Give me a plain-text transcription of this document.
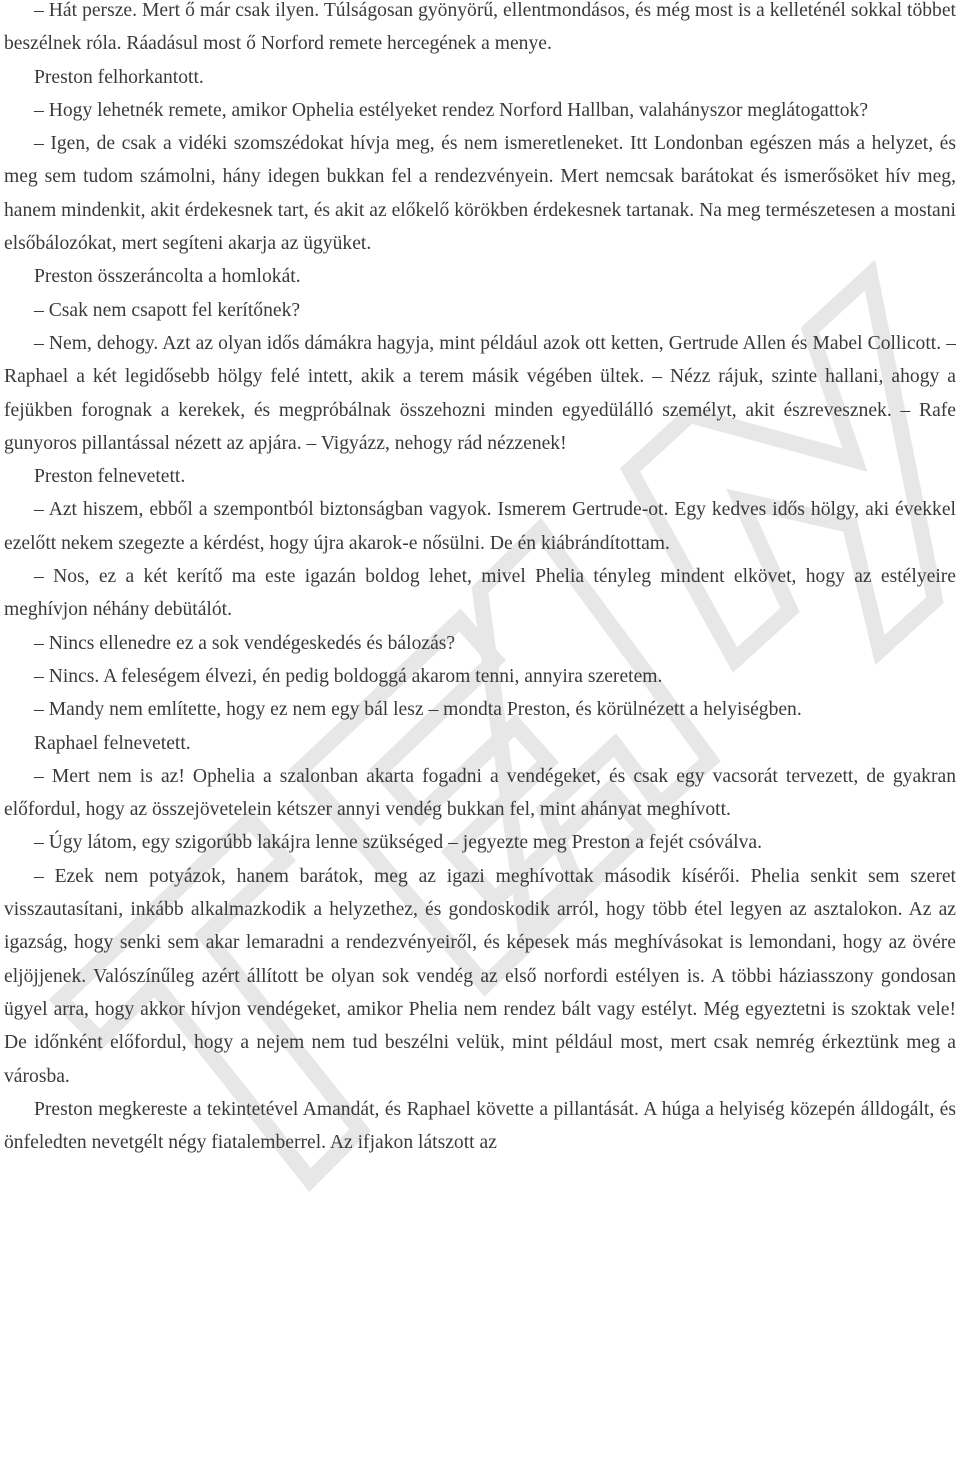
– Hát persze. Mert ő már csak ilyen. Túlságosan gyönyörű, ellentmondásos, és még most is a kelleténél sokkal többet beszélnek róla. Ráadásul most ő Norford remete hercegének a menye.

Preston felhorkantott.

– Hogy lehetnék remete, amikor Ophelia estélyeket rendez Norford Hallban, valahányszor meglátogattok?

– Igen, de csak a vidéki szomszédokat hívja meg, és nem ismeretleneket. Itt Londonban egészen más a helyzet, és meg sem tudom számolni, hány idegen bukkan fel a rendezvényein. Mert nemcsak barátokat és ismerősöket hív meg, hanem mindenkit, akit érdekesnek tart, és akit az előkelő körökben érdekesnek tartanak. Na meg természetesen a mostani elsőbálozókat, mert segíteni akarja az ügyüket.

Preston összeráncolta a homlokát.

– Csak nem csapott fel kerítőnek?

– Nem, dehogy. Azt az olyan idős dámákra hagyja, mint például azok ott ketten, Gertrude Allen és Mabel Collicott. – Raphael a két legidősebb hölgy felé intett, akik a terem másik végében ültek. – Nézz rájuk, szinte hallani, ahogy a fejükben forognak a kerekek, és megpróbálnak összehozni minden egyedülálló személyt, akit észrevesznek. – Rafe gunyoros pillantással nézett az apjára. – Vigyázz, nehogy rád nézzenek!

Preston felnevetett.

– Azt hiszem, ebből a szempontból biztonságban vagyok. Ismerem Gertrude-ot. Egy kedves idős hölgy, aki évekkel ezelőtt nekem szegezte a kérdést, hogy újra akarok-e nősülni. De én kiábrándítottam.

– Nos, ez a két kerítő ma este igazán boldog lehet, mivel Phelia tényleg mindent elkövet, hogy az estélyeire meghívjon néhány debütálót.

– Nincs ellenedre ez a sok vendégeskedés és bálozás?

– Nincs. A feleségem élvezi, én pedig boldoggá akarom tenni, annyira szeretem.

– Mandy nem említette, hogy ez nem egy bál lesz – mondta Preston, és körülnézett a helyiségben.

Raphael felnevetett.

– Mert nem is az! Ophelia a szalonban akarta fogadni a vendégeket, és csak egy vacsorát tervezett, de gyakran előfordul, hogy az összejövetelein kétszer annyi vendég bukkan fel, mint ahányat meghívott.

– Úgy látom, egy szigorúbb lakájra lenne szükséged – jegyezte meg Preston a fejét csóválva.

– Ezek nem potyázok, hanem barátok, meg az igazi meghívottak második kísérői. Phelia senkit sem szeret visszautasítani, inkább alkalmazkodik a helyzethez, és gondoskodik arról, hogy több étel legyen az asztalokon. Az az igazság, hogy senki sem akar lemaradni a rendezvényeiről, és képesek más meghívásokat is lemondani, hogy az övére eljöjjenek. Valószínűleg azért állított be olyan sok vendég az első norfordi estélyen is. A többi háziasszony gondosan ügyel arra, hogy akkor hívjon vendégeket, amikor Phelia nem rendez bált vagy estélyt. Még egyeztetni is szoktak vele! De időnként előfordul, hogy a nejem nem tud beszélni velük, mint például most, mert csak nemrég érkeztünk meg a városba.

Preston megkereste a tekintetével Amandát, és Raphael követte a pillantását. A húga a helyiség közepén álldogált, és önfeledten nevetgélt négy fiatalemberrel. Az ifjakon látszott az
